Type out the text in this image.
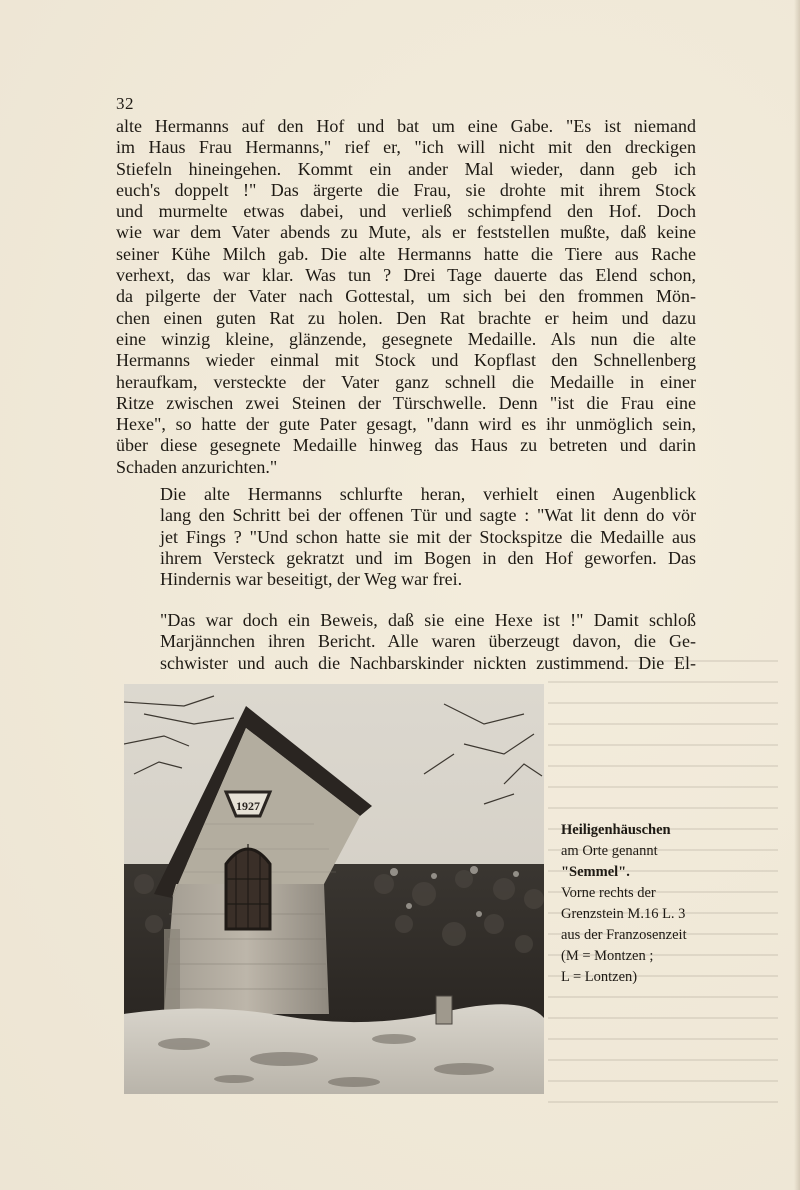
32
alte Hermanns auf den Hof und bat um eine Gabe. "Es ist niemand
im Haus Frau Hermanns," rief er, "ich will nicht mit den dreckigen
Stiefeln hineingehen. Kommt ein ander Mal wieder, dann geb ich
euch's doppelt !" Das ärgerte die Frau, sie drohte mit ihrem Stock
und murmelte etwas dabei, und verließ schimpfend den Hof. Doch
wie war dem Vater abends zu Mute, als er feststellen mußte, daß keine
seiner Kühe Milch gab. Die alte Hermanns hatte die Tiere aus Rache
verhext, das war klar. Was tun ? Drei Tage dauerte das Elend schon,
da pilgerte der Vater nach Gottestal, um sich bei den frommen Mön-
chen einen guten Rat zu holen. Den Rat brachte er heim und dazu
eine winzig kleine, glänzende, gesegnete Medaille. Als nun die alte
Hermanns wieder einmal mit Stock und Kopflast den Schnellenberg
heraufkam, versteckte der Vater ganz schnell die Medaille in einer
Ritze zwischen zwei Steinen der Türschwelle. Denn "ist die Frau eine
Hexe", so hatte der gute Pater gesagt, "dann wird es ihr unmöglich sein,
über diese gesegnete Medaille hinweg das Haus zu betreten und darin
Schaden anzurichten."
Die alte Hermanns schlurfte heran, verhielt einen Augenblick
lang den Schritt bei der offenen Tür und sagte : "Wat lit denn do vör
jet Fings ? "Und schon hatte sie mit der Stockspitze die Medaille aus
ihrem Versteck gekratzt und im Bogen in den Hof geworfen. Das
Hindernis war beseitigt, der Weg war frei.
"Das war doch ein Beweis, daß sie eine Hexe ist !" Damit schloß
Marjännchen ihren Bericht. Alle waren überzeugt davon, die Ge-
schwister und auch die Nachbarskinder nickten zustimmend. Die El-
1927
Heiligenhäuschen
am Orte genannt
"Semmel".
Vorne rechts der
Grenzstein M.16 L. 3
aus der Franzosenzeit
(M = Montzen ;
L = Lontzen)
